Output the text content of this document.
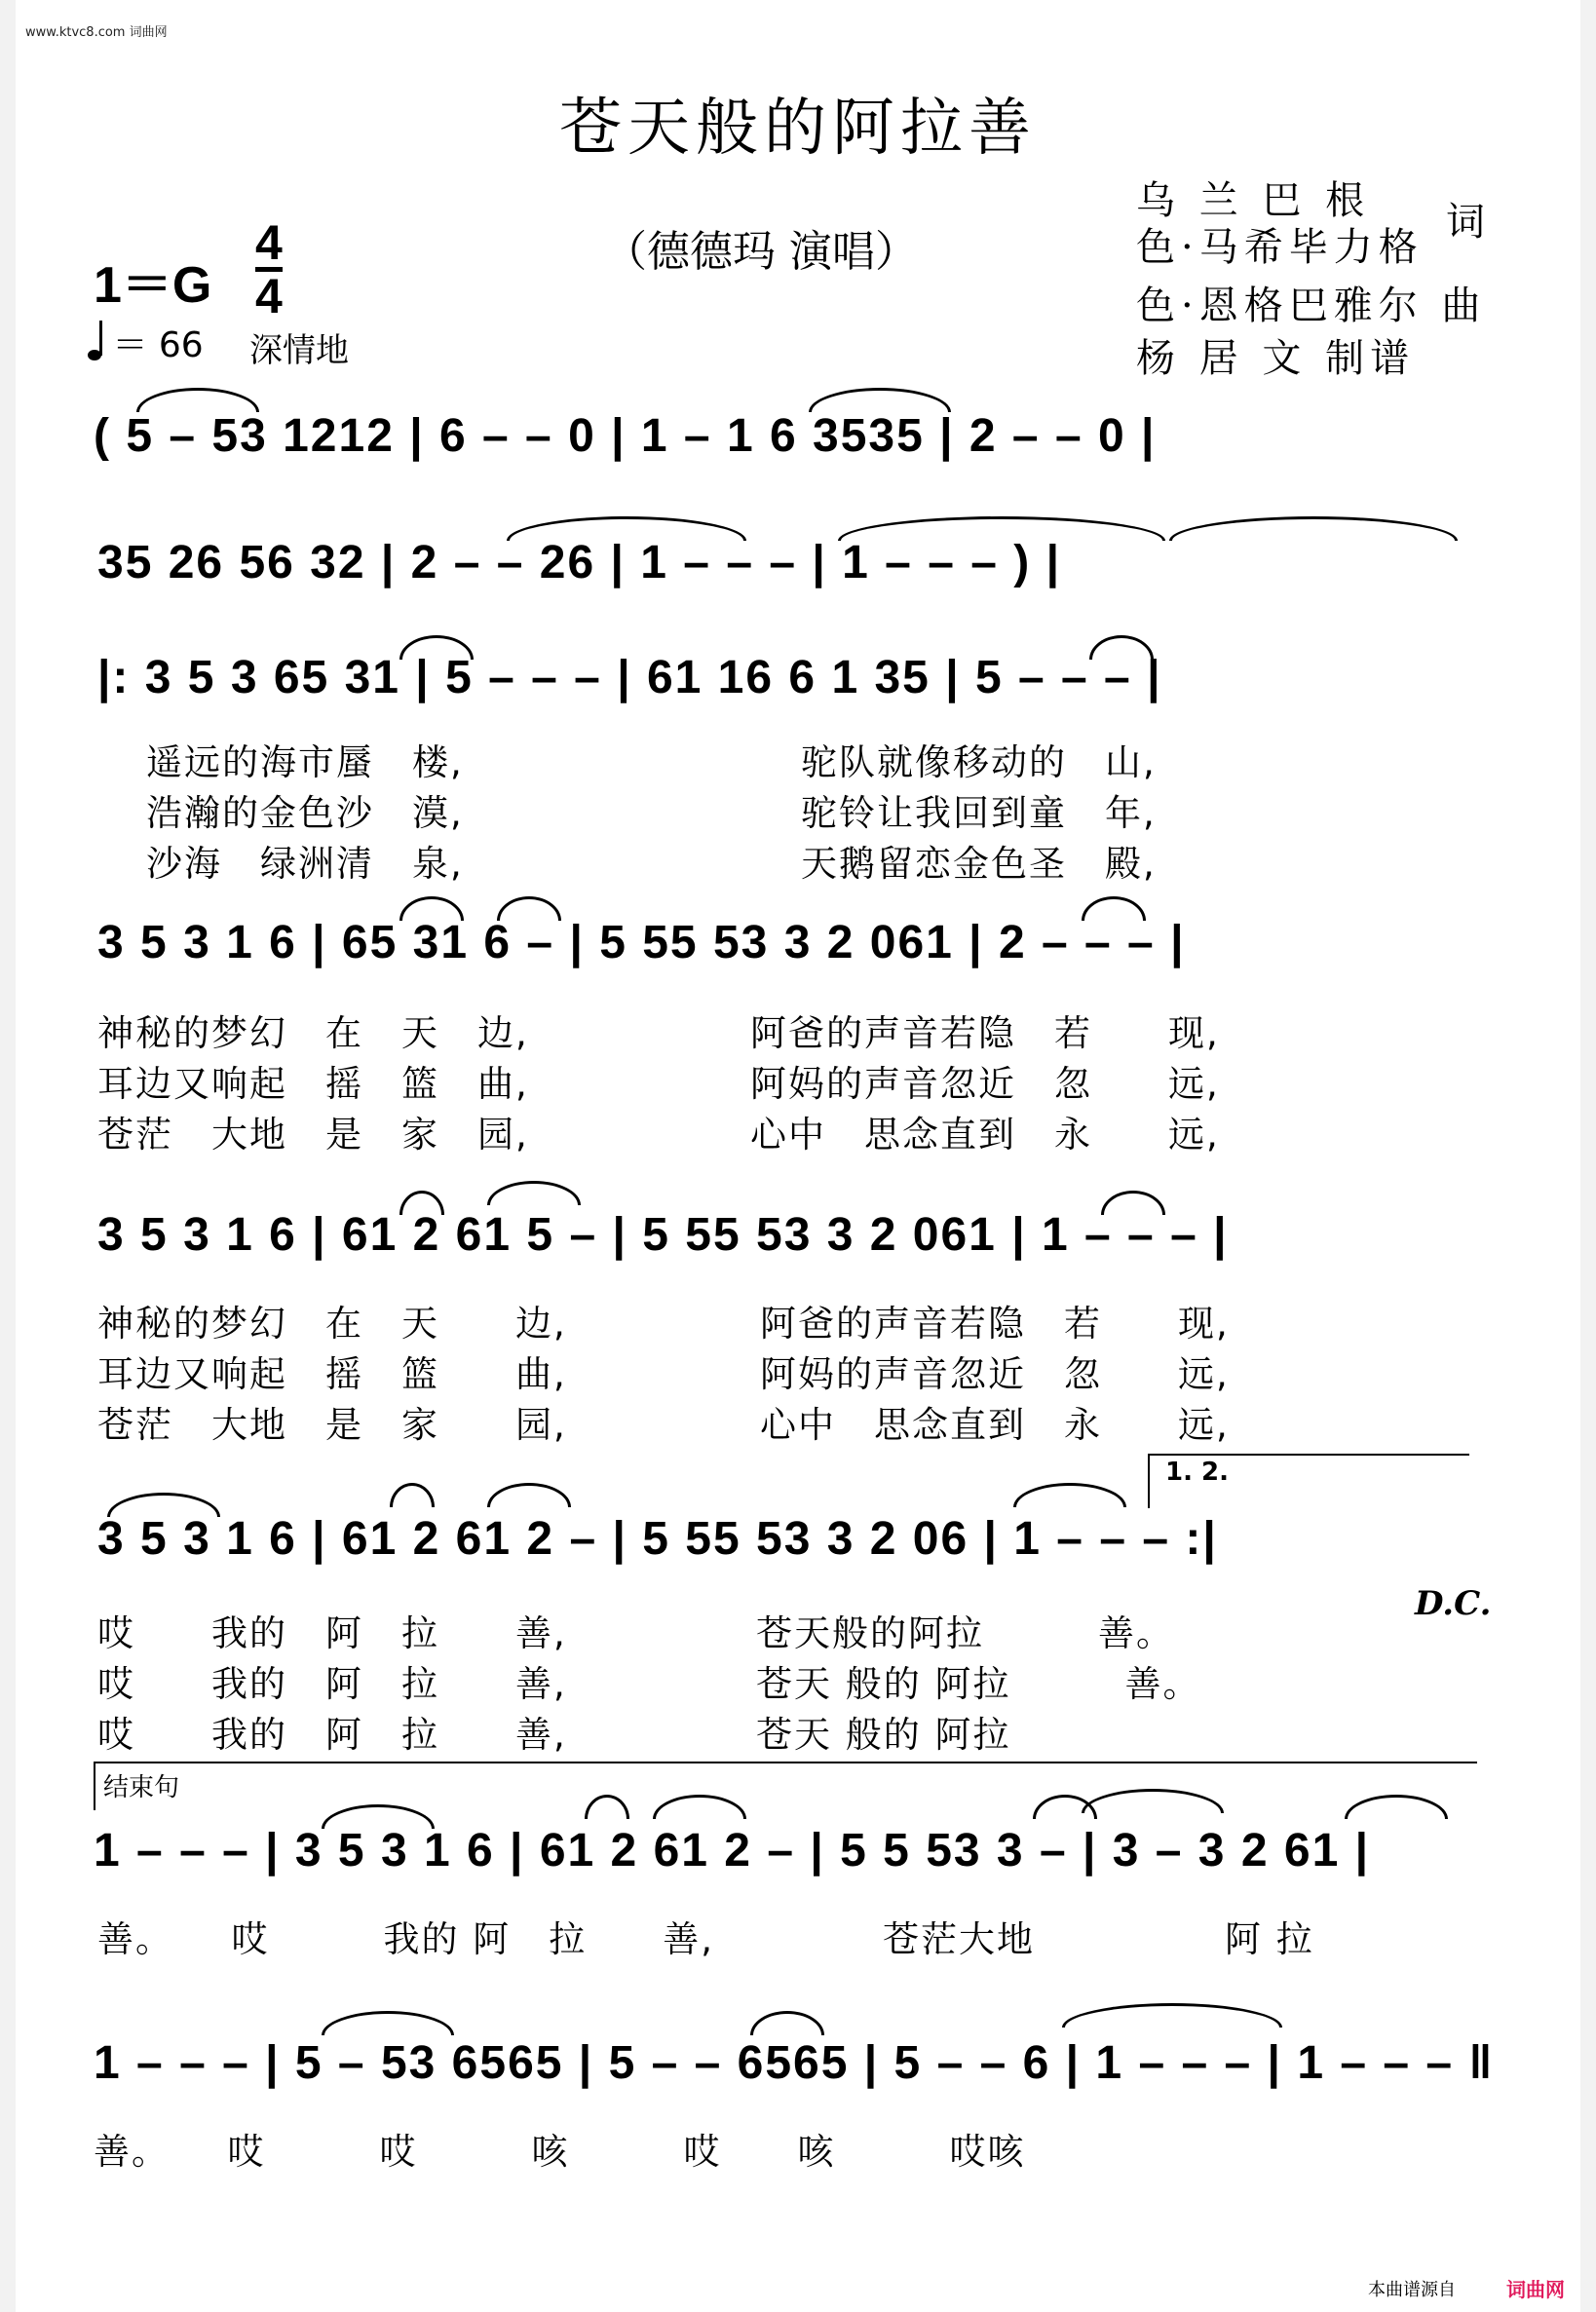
www.ktvc8.com 词曲网
苍天般的阿拉善
（德德玛 演唱）
乌 兰 巴 根
色·马希毕力格
词
色·恩格巴雅尔 曲
杨 居 文 制谱
1＝G
4
4
＝ 66 深情地
( 5 – 53 1212 | 6 – – 0 | 1 – 1 6 3535 | 2 – – 0 |
35 26 56 32 | 2 – – 26 | 1 – – – | 1 – – – ) |
|: 3 5 3 65 31 | 5 – – – | 61 16 6 1 35 | 5 – – – |
遥远的海市蜃　楼,	驼队就像移动的　山,
浩瀚的金色沙　漠,	驼铃让我回到童　年,
沙海　绿洲清　泉,	天鹅留恋金色圣　殿,
3 5 3 1 6 | 65 31 6 – | 5 55 53 3 2 061 | 2 – – – |
神秘的梦幻　在　天　边,	阿爸的声音若隐　若　　现,
耳边又响起　摇　篮　曲,	阿妈的声音忽近　忽　　远,
苍茫　大地　是　家　园,	心中　思念直到　永　　远,
3 5 3 1 6 | 61 2 61 5 – | 5 55 53 3 2 061 | 1 – – – |
神秘的梦幻　在　天　　边,	阿爸的声音若隐　若　　现,
耳边又响起　摇　篮　　曲,	阿妈的声音忽近　忽　　远,
苍茫　大地　是　家　　园,	心中　思念直到　永　　远,
1. 2.
3 5 3 1 6 | 61 2 61 2 – | 5 55 53 3 2 06 | 1 – – – :|
D.C.
哎　　我的　阿　拉　　善,	苍天般的阿拉　　　善。
哎　　我的　阿　拉　　善,	苍天 般的 阿拉　　　善。
哎　　我的　阿　拉　　善,	苍天 般的 阿拉
结束句
1 – – – | 3 5 3 1 6 | 61 2 61 2 – | 5 5 53 3 – | 3 – 3 2 61 |
善。　　哎　　　我的 阿　拉　　善,	苍茫大地　　　　　阿 拉
1 – – – | 5 – 53 6565 | 5 – – 6565 | 5 – – 6 | 1 – – – | 1 – – – ‖
善。　　哎　　　哎　　　咳　　　哎　　咳　　　哎咳
本曲谱源自	词曲网
